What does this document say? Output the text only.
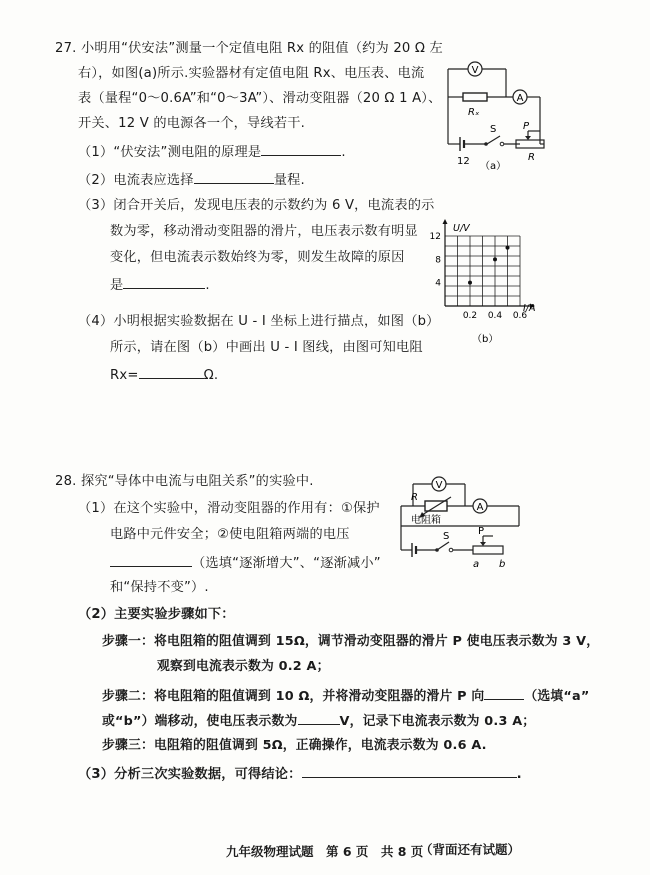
27. 小明用“伏安法”测量一个定值电阻 Rx 的阻值（约为 20 Ω 左
右），如图(a)所示.实验器材有定值电阻 Rx、电压表、电流
表（量程“0～0.6A”和“0～3A”）、滑动变阻器（20 Ω 1 A）、
开关、12 V 的电源各一个，导线若干.
（1）“伏安法”测电阻的原理是	.
（2）电流表应选择	量程.
（3）闭合开关后，发现电压表的示数约为 6 V，电流表的示
数为零，移动滑动变阻器的滑片，电压表示数有明显
变化，但电流表示数始终为零，则发生故障的原因
是	.
（4）小明根据实验数据在 U - I 坐标上进行描点，如图（b）
所示，请在图（b）中画出 U - I 图线，由图可知电阻
Rx=	Ω.
V
A
Rₓ
S	P
R
12 （a）
0.2 0.4 0.6
4
8
12
U/V
I/A
（b）
28. 探究“导体中电流与电阻关系”的实验中.
（1）在这个实验中，滑动变阻器的作用有：①保护
电路中元件安全；②使电阻箱两端的电压
（选填“逐渐增大”、“逐渐减小”
和“保持不变”）.
（2）主要实验步骤如下：
步骤一：将电阻箱的阻值调到 15Ω，调节滑动变阻器的滑片 P 使电压表示数为 3 V，
观察到电流表示数为 0.2 A；
步骤二：将电阻箱的阻值调到 10 Ω，并将滑动变阻器的滑片 P 向	（选填“a”
或“b”）端移动，使电压表示数为	V，记录下电流表示数为 0.3 A；
步骤三：电阻箱的阻值调到 5Ω，正确操作，电流表示数为 0.6 A.
（3）分析三次实验数据，可得结论：	.
V
A
R
电阻箱
S	P
a b
九年级物理试题　第 6 页　共 8 页
（背面还有试题）
